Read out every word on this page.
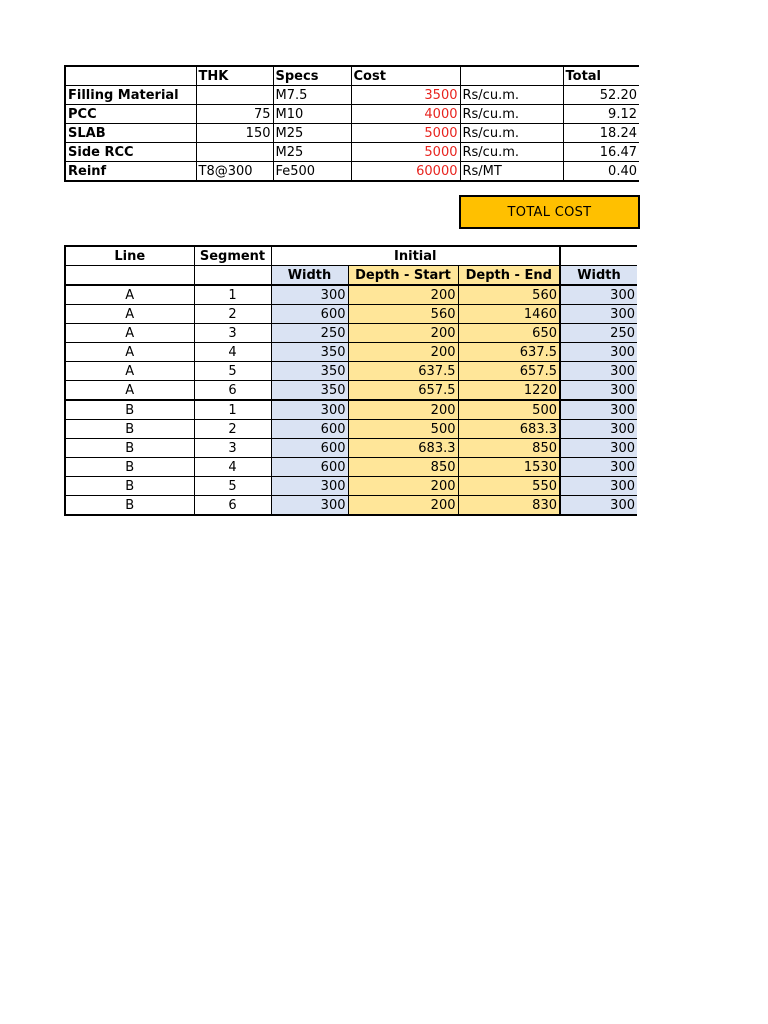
	THK	Specs	Cost		Total
Filling Material		M7.5	3500	Rs/cu.m.	52.20
PCC	75	M10	4000	Rs/cu.m.	9.12
SLAB	150	M25	5000	Rs/cu.m.	18.24
Side RCC		M25	5000	Rs/cu.m.	16.47
Reinf	T8@300	Fe500	60000	Rs/MT	0.40
TOTAL COST
Line	Segment	Initial			
		Width	Depth - Start	Depth - End	Width
A	1	300	200	560	300
A	2	600	560	1460	300
A	3	250	200	650	250
A	4	350	200	637.5	300
A	5	350	637.5	657.5	300
A	6	350	657.5	1220	300
B	1	300	200	500	300
B	2	600	500	683.3	300
B	3	600	683.3	850	300
B	4	600	850	1530	300
B	5	300	200	550	300
B	6	300	200	830	300
